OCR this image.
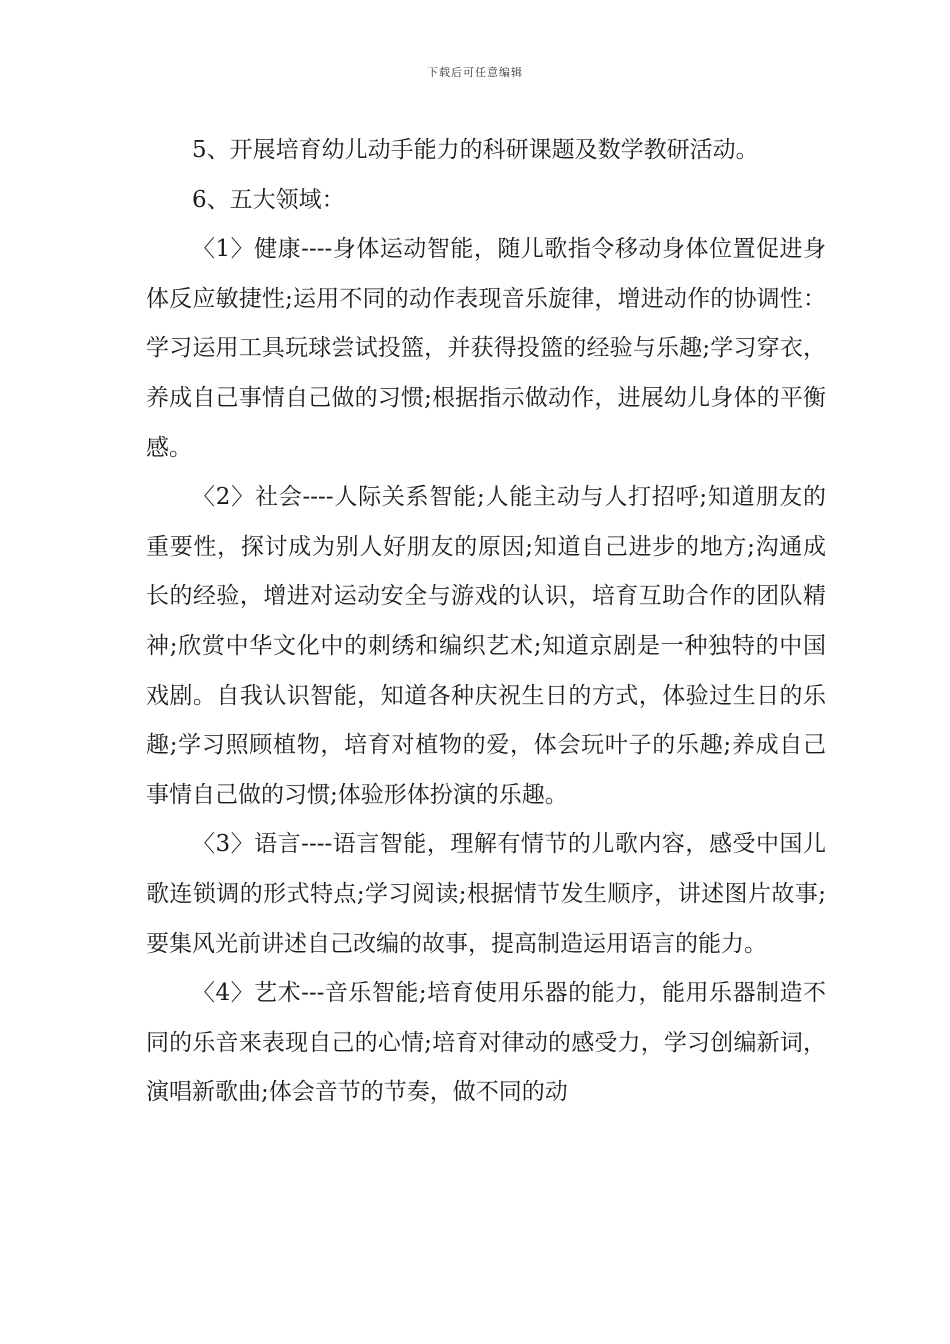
下载后可任意编辑

5、开展培育幼儿动手能力的科研课题及数学教研活动。

6、五大领域：

〈1〉健康----身体运动智能，随儿歌指令移动身体位置促进身体反应敏捷性;运用不同的动作表现音乐旋律，增进动作的协调性：学习运用工具玩球尝试投篮，并获得投篮的经验与乐趣;学习穿衣，养成自己事情自己做的习惯;根据指示做动作，进展幼儿身体的平衡感。

〈2〉社会----人际关系智能;人能主动与人打招呼;知道朋友的重要性，探讨成为别人好朋友的原因;知道自己进步的地方;沟通成长的经验，增进对运动安全与游戏的认识，培育互助合作的团队精神;欣赏中华文化中的刺绣和编织艺术;知道京剧是一种独特的中国戏剧。自我认识智能，知道各种庆祝生日的方式，体验过生日的乐趣;学习照顾植物，培育对植物的爱，体会玩叶子的乐趣;养成自己事情自己做的习惯;体验形体扮演的乐趣。

〈3〉语言----语言智能，理解有情节的儿歌内容，感受中国儿歌连锁调的形式特点;学习阅读;根据情节发生顺序，讲述图片故事;要集风光前讲述自己改编的故事，提高制造运用语言的能力。

〈4〉艺术---音乐智能;培育使用乐器的能力，能用乐器制造不同的乐音来表现自己的心情;培育对律动的感受力，学习创编新词，演唱新歌曲;体会音节的节奏，做不同的动
